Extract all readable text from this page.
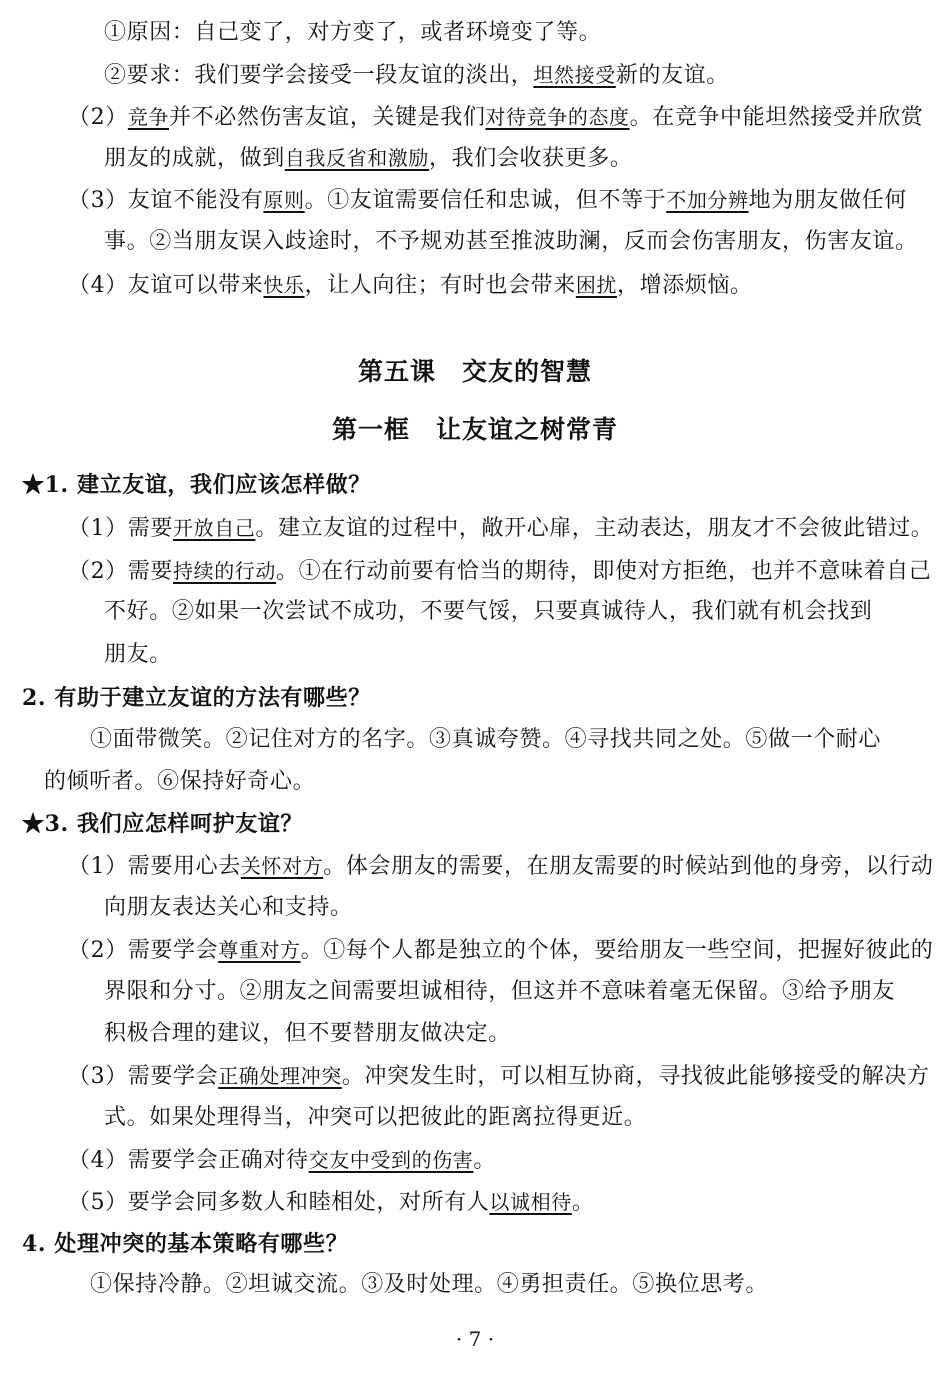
①原因：自己变了，对方变了，或者环境变了等。
②要求：我们要学会接受一段友谊的淡出，坦然接受新的友谊。
（2）竞争并不必然伤害友谊，关键是我们对待竞争的态度。在竞争中能坦然接受并欣赏
朋友的成就，做到自我反省和激励，我们会收获更多。
（3）友谊不能没有原则。①友谊需要信任和忠诚，但不等于不加分辨地为朋友做任何
事。②当朋友误入歧途时，不予规劝甚至推波助澜，反而会伤害朋友，伤害友谊。
（4）友谊可以带来快乐，让人向往；有时也会带来困扰，增添烦恼。
第五课　交友的智慧
第一框　让友谊之树常青
★1. 建立友谊，我们应该怎样做？
（1）需要开放自己。建立友谊的过程中，敞开心扉，主动表达，朋友才不会彼此错过。
（2）需要持续的行动。①在行动前要有恰当的期待，即使对方拒绝，也并不意味着自己
不好。②如果一次尝试不成功，不要气馁，只要真诚待人，我们就有机会找到
朋友。
2. 有助于建立友谊的方法有哪些？
①面带微笑。②记住对方的名字。③真诚夸赞。④寻找共同之处。⑤做一个耐心
的倾听者。⑥保持好奇心。
★3. 我们应怎样呵护友谊？
（1）需要用心去关怀对方。体会朋友的需要，在朋友需要的时候站到他的身旁，以行动
向朋友表达关心和支持。
（2）需要学会尊重对方。①每个人都是独立的个体，要给朋友一些空间，把握好彼此的
界限和分寸。②朋友之间需要坦诚相待，但这并不意味着毫无保留。③给予朋友
积极合理的建议，但不要替朋友做决定。
（3）需要学会正确处理冲突。冲突发生时，可以相互协商，寻找彼此能够接受的解决方
式。如果处理得当，冲突可以把彼此的距离拉得更近。
（4）需要学会正确对待交友中受到的伤害。
（5）要学会同多数人和睦相处，对所有人以诚相待。
4. 处理冲突的基本策略有哪些？
①保持冷静。②坦诚交流。③及时处理。④勇担责任。⑤换位思考。
· 7 ·
